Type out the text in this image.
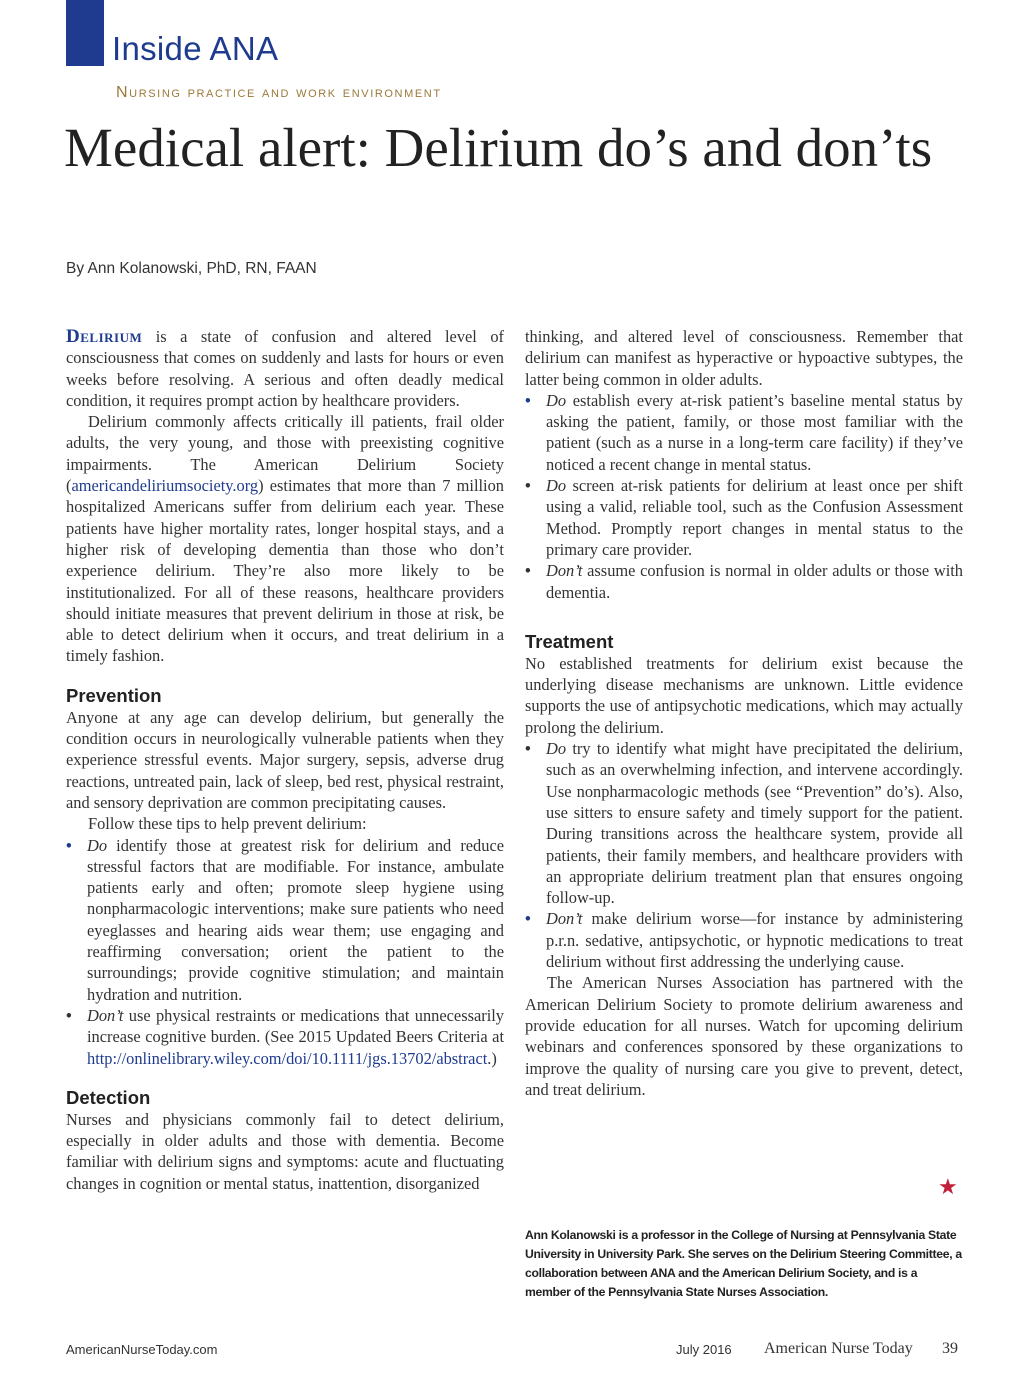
Inside ANA
Nursing practice and work environment
Medical alert: Delirium do’s and don’ts
By Ann Kolanowski, PhD, RN, FAAN

Delirium is a state of confusion and altered level of consciousness that comes on suddenly and lasts for hours or even weeks before resolving. A serious and often deadly medical condition, it requires prompt action by healthcare providers.

Delirium commonly affects critically ill patients, frail older adults, the very young, and those with preexisting cognitive impairments. The American Delirium Society (americandeliriumsociety.org) estimates that more than 7 million hospitalized Americans suffer from delirium each year. These patients have higher mortality rates, longer hospital stays, and a higher risk of developing dementia than those who don’t experience delirium. They’re also more likely to be institutionalized. For all of these reasons, healthcare providers should initiate measures that prevent delirium in those at risk, be able to detect delirium when it occurs, and treat delirium in a timely fashion.

Prevention

Anyone at any age can develop delirium, but generally the condition occurs in neurologically vulnerable patients when they experience stressful events. Major surgery, sepsis, adverse drug reactions, untreated pain, lack of sleep, bed rest, physical restraint, and sensory deprivation are common precipitating causes.

Follow these tips to help prevent delirium:

• Do identify those at greatest risk for delirium and reduce stressful factors that are modifiable. For instance, ambulate patients early and often; promote sleep hygiene using nonpharmacologic interventions; make sure patients who need eyeglasses and hearing aids wear them; use engaging and reaffirming conversation; orient the patient to the surroundings; provide cognitive stimulation; and maintain hydration and nutrition.
• Don’t use physical restraints or medications that unnecessarily increase cognitive burden. (See 2015 Updated Beers Criteria at http://onlinelibrary.wiley.com/doi/10.1111/jgs.13702/abstract.)
Detection

Nurses and physicians commonly fail to detect delirium, especially in older adults and those with dementia. Become familiar with delirium signs and symptoms: acute and fluctuating changes in cognition or mental status, inattention, disorganized

thinking, and altered level of consciousness. Remember that delirium can manifest as hyperactive or hypoactive subtypes, the latter being common in older adults.

• Do establish every at-risk patient’s baseline mental status by asking the patient, family, or those most familiar with the patient (such as a nurse in a long-term care facility) if they’ve noticed a recent change in mental status.
• Do screen at-risk patients for delirium at least once per shift using a valid, reliable tool, such as the Confusion Assessment Method. Promptly report changes in mental status to the primary care provider.
• Don’t assume confusion is normal in older adults or those with dementia.
Treatment

No established treatments for delirium exist because the underlying disease mechanisms are unknown. Little evidence supports the use of antipsychotic medications, which may actually prolong the delirium.

• Do try to identify what might have precipitated the delirium, such as an overwhelming infection, and intervene accordingly. Use nonpharmacologic methods (see “Prevention” do’s). Also, use sitters to ensure safety and timely support for the patient. During transitions across the healthcare system, provide all patients, their family members, and healthcare providers with an appropriate delirium treatment plan that ensures ongoing follow-up.
• Don’t make delirium worse—for instance by administering p.r.n. sedative, antipsychotic, or hypnotic medications to treat delirium without first addressing the underlying cause.

The American Nurses Association has partnered with the American Delirium Society to promote delirium awareness and provide education for all nurses. Watch for upcoming delirium webinars and conferences sponsored by these organizations to improve the quality of nursing care you give to prevent, detect, and treat delirium.

★
Ann Kolanowski is a professor in the College of Nursing at Pennsylvania State University in University Park. She serves on the Delirium Steering Committee, a collaboration between ANA and the American Delirium Society, and is a member of the Pennsylvania State Nurses Association.
AmericanNurseToday.com	July 2016 American Nurse Today 39
